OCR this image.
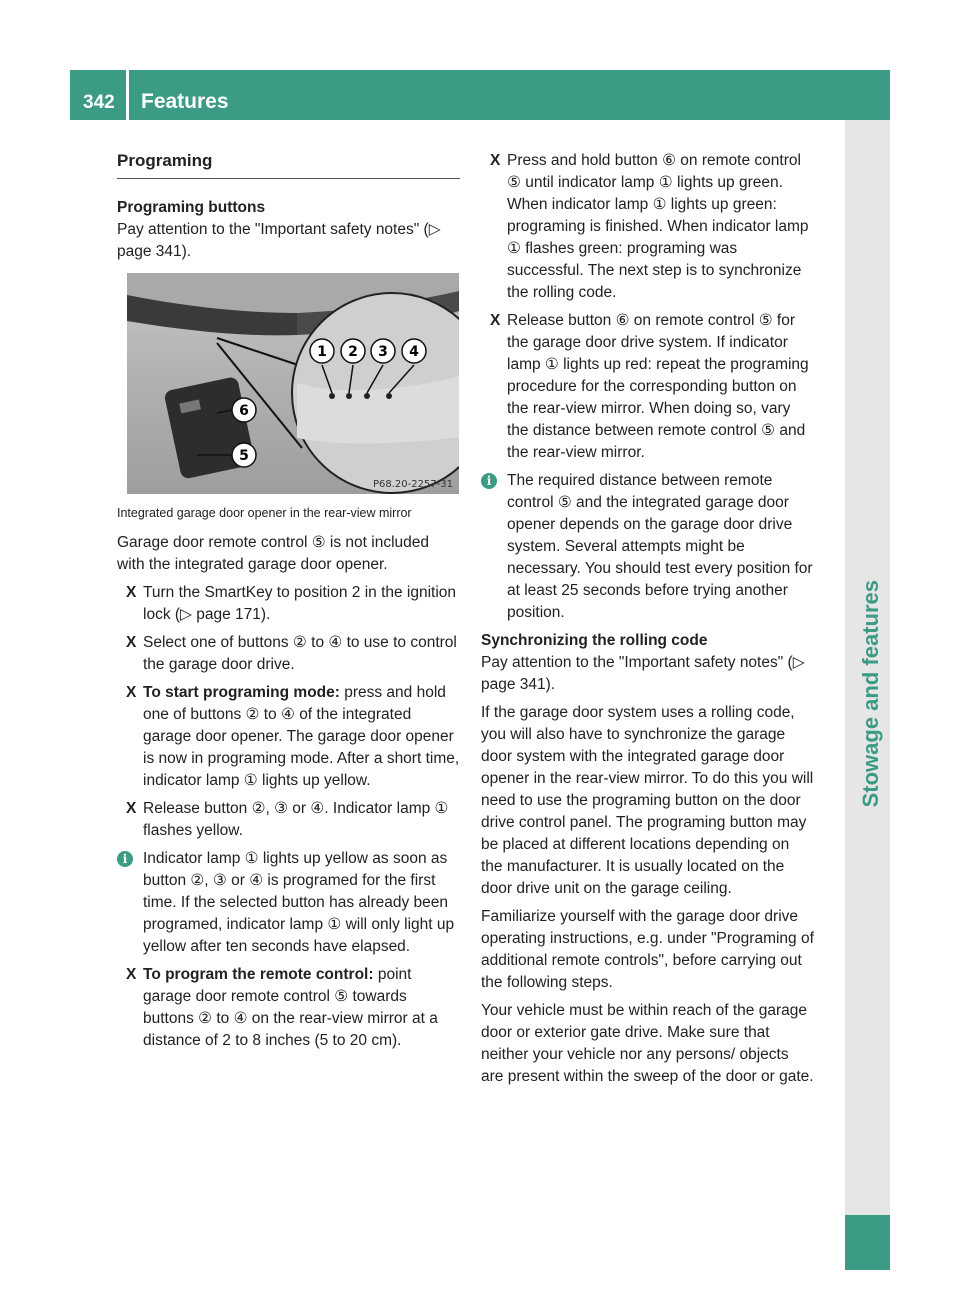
342 Features
Stowage and features
Programing
Programing buttons

Pay attention to the "Important safety notes" (▷ page 341).

1 2 3 4
5
6
P68.20-2257-31
Integrated garage door opener in the rear-view mirror

Garage door remote control ⑤ is not included with the integrated garage door opener.

X Turn the SmartKey to position 2 in the ignition lock (▷ page 171).
X Select one of buttons ② to ④ to use to control the garage door drive.
X To start programing mode: press and hold one of buttons ② to ④ of the integrated garage door opener. The garage door opener is now in programing mode. After a short time, indicator lamp ① lights up yellow.
X Release button ②, ③ or ④. Indicator lamp ① flashes yellow.
i	Indicator lamp ① lights up yellow as soon as button ②, ③ or ④ is programed for the first time. If the selected button has already been programed, indicator lamp ① will only light up yellow after ten seconds have elapsed.
X To program the remote control: point garage door remote control ⑤ towards buttons ② to ④ on the rear-view mirror at a distance of 2 to 8 inches (5 to 20 cm).
X Press and hold button ⑥ on remote control ⑤ until indicator lamp ① lights up green. When indicator lamp ① lights up green: programing is finished. When indicator lamp ① flashes green: programing was successful. The next step is to synchronize the rolling code.
X Release button ⑥ on remote control ⑤ for the garage door drive system. If indicator lamp ① lights up red: repeat the programing procedure for the corresponding button on the rear-view mirror. When doing so, vary the distance between remote control ⑤ and the rear-view mirror.
i	The required distance between remote control ⑤ and the integrated garage door opener depends on the garage door drive system. Several attempts might be necessary. You should test every position for at least 25 seconds before trying another position.
Synchronizing the rolling code

Pay attention to the "Important safety notes" (▷ page 341).

If the garage door system uses a rolling code, you will also have to synchronize the garage door system with the integrated garage door opener in the rear-view mirror. To do this you will need to use the programing button on the door drive control panel. The programing button may be placed at different locations depending on the manufacturer. It is usually located on the door drive unit on the garage ceiling.

Familiarize yourself with the garage door drive operating instructions, e.g. under "Programing of additional remote controls", before carrying out the following steps.

Your vehicle must be within reach of the garage door or exterior gate drive. Make sure that neither your vehicle nor any persons/ objects are present within the sweep of the door or gate.
